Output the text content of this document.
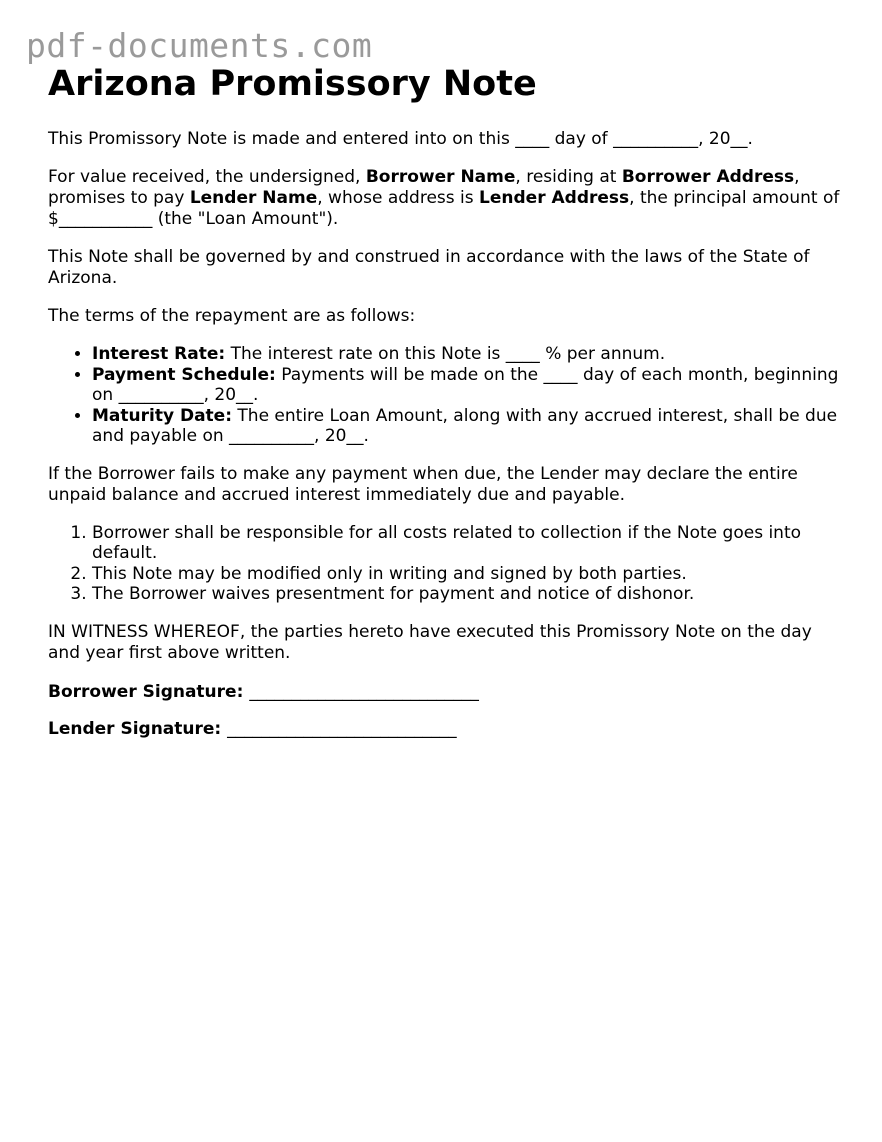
pdf-documents.com
Arizona Promissory Note

This Promissory Note is made and entered into on this ____ day of __________, 20__.

For value received, the undersigned, Borrower Name, residing at Borrower Address, promises to pay Lender Name, whose address is Lender Address, the principal amount of $___________ (the "Loan Amount").

This Note shall be governed by and construed in accordance with the laws of the State of Arizona.

The terms of the repayment are as follows:

• Interest Rate: The interest rate on this Note is ____ % per annum.
• Payment Schedule: Payments will be made on the ____ day of each month, beginning on __________, 20__.
• Maturity Date: The entire Loan Amount, along with any accrued interest, shall be due and payable on __________, 20__.

If the Borrower fails to make any payment when due, the Lender may declare the entire unpaid balance and accrued interest immediately due and payable.

1. Borrower shall be responsible for all costs related to collection if the Note goes into default.
2. This Note may be modified only in writing and signed by both parties.
3. The Borrower waives presentment for payment and notice of dishonor.

IN WITNESS WHEREOF, the parties hereto have executed this Promissory Note on the day and year first above written.

Borrower Signature: ___________________________
Lender Signature: ___________________________
